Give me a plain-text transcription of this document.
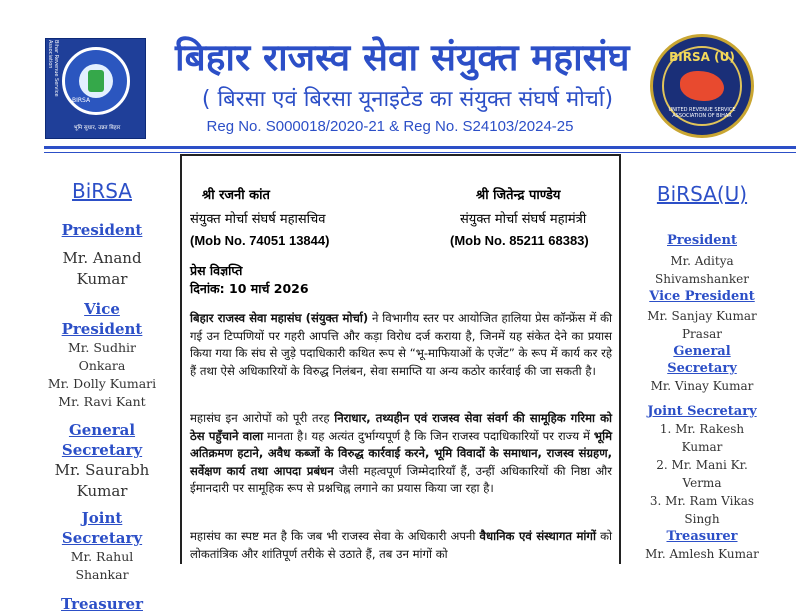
BIRSA
भूमि सुधार, उन्नत बिहार
Bihar Revenue Service Association	बिहार राजस्व सेवा संयुक्त महासंघ
( बिरसा एवं बिरसा यूनाइटेड का संयुक्त संघर्ष मोर्चा)
Reg No. S000018/2020-21 & Reg No. S24103/2024-25
BIRSA (U)
UNITED REVENUE SERVICE ASSOCIATION OF BIHAR
BiRSA
President
Mr. Anand
Kumar
Vice President
Mr. Sudhir Onkara
Mr. Dolly Kumari
Mr. Ravi Kant
General
Secretary
Mr. Saurabh
Kumar
Joint Secretary
Mr. Rahul Shankar
Treasurer
श्री रजनी कांत
संयुक्त मोर्चा संघर्ष महासचिव
(Mob No. 74051 13844)
श्री जितेन्द्र पाण्डेय
संयुक्त मोर्चा संघर्ष महामंत्री
(Mob No. 85211 68383)
प्रेस विज्ञप्ति
दिनांक: 10 मार्च 2026
बिहार राजस्व सेवा महासंघ (संयुक्त मोर्चा) ने विभागीय स्तर पर आयोजित हालिया प्रेस कॉन्फ्रेंस में की गई उन टिप्पणियों पर गहरी आपत्ति और कड़ा विरोध दर्ज कराया है, जिनमें यह संकेत देने का प्रयास किया गया कि संघ से जुड़े पदाधिकारी कथित रूप से “भू-माफियाओं के एजेंट” के रूप में कार्य कर रहे हैं तथा ऐसे अधिकारियों के विरुद्ध निलंबन, सेवा समाप्ति या अन्य कठोर कार्रवाई की जा सकती है।
महासंघ इन आरोपों को पूरी तरह निराधार, तथ्यहीन एवं राजस्व सेवा संवर्ग की सामूहिक गरिमा को ठेस पहुँचाने वाला मानता है। यह अत्यंत दुर्भाग्यपूर्ण है कि जिन राजस्व पदाधिकारियों पर राज्य में भूमि अतिक्रमण हटाने, अवैध कब्जों के विरुद्ध कार्रवाई करने, भूमि विवादों के समाधान, राजस्व संग्रहण, सर्वेक्षण कार्य तथा आपदा प्रबंधन जैसी महत्वपूर्ण जिम्मेदारियाँ हैं, उन्हीं अधिकारियों की निष्ठा और ईमानदारी पर सामूहिक रूप से प्रश्नचिह्न लगाने का प्रयास किया जा रहा है।
महासंघ का स्पष्ट मत है कि जब भी राजस्व सेवा के अधिकारी अपनी वैधानिक एवं संस्थागत मांगों को लोकतांत्रिक और शांतिपूर्ण तरीके से उठाते हैं, तब उन मांगों को
BiRSA(U)
President
Mr. Aditya
Shivamshanker
Vice President
Mr. Sanjay Kumar
Prasar
General Secretary
Mr. Vinay Kumar
Joint Secretary
1. Mr. Rakesh
Kumar
2. Mr. Mani Kr.
Verma
3. Mr. Ram Vikas
Singh
Treasurer
Mr. Amlesh Kumar
